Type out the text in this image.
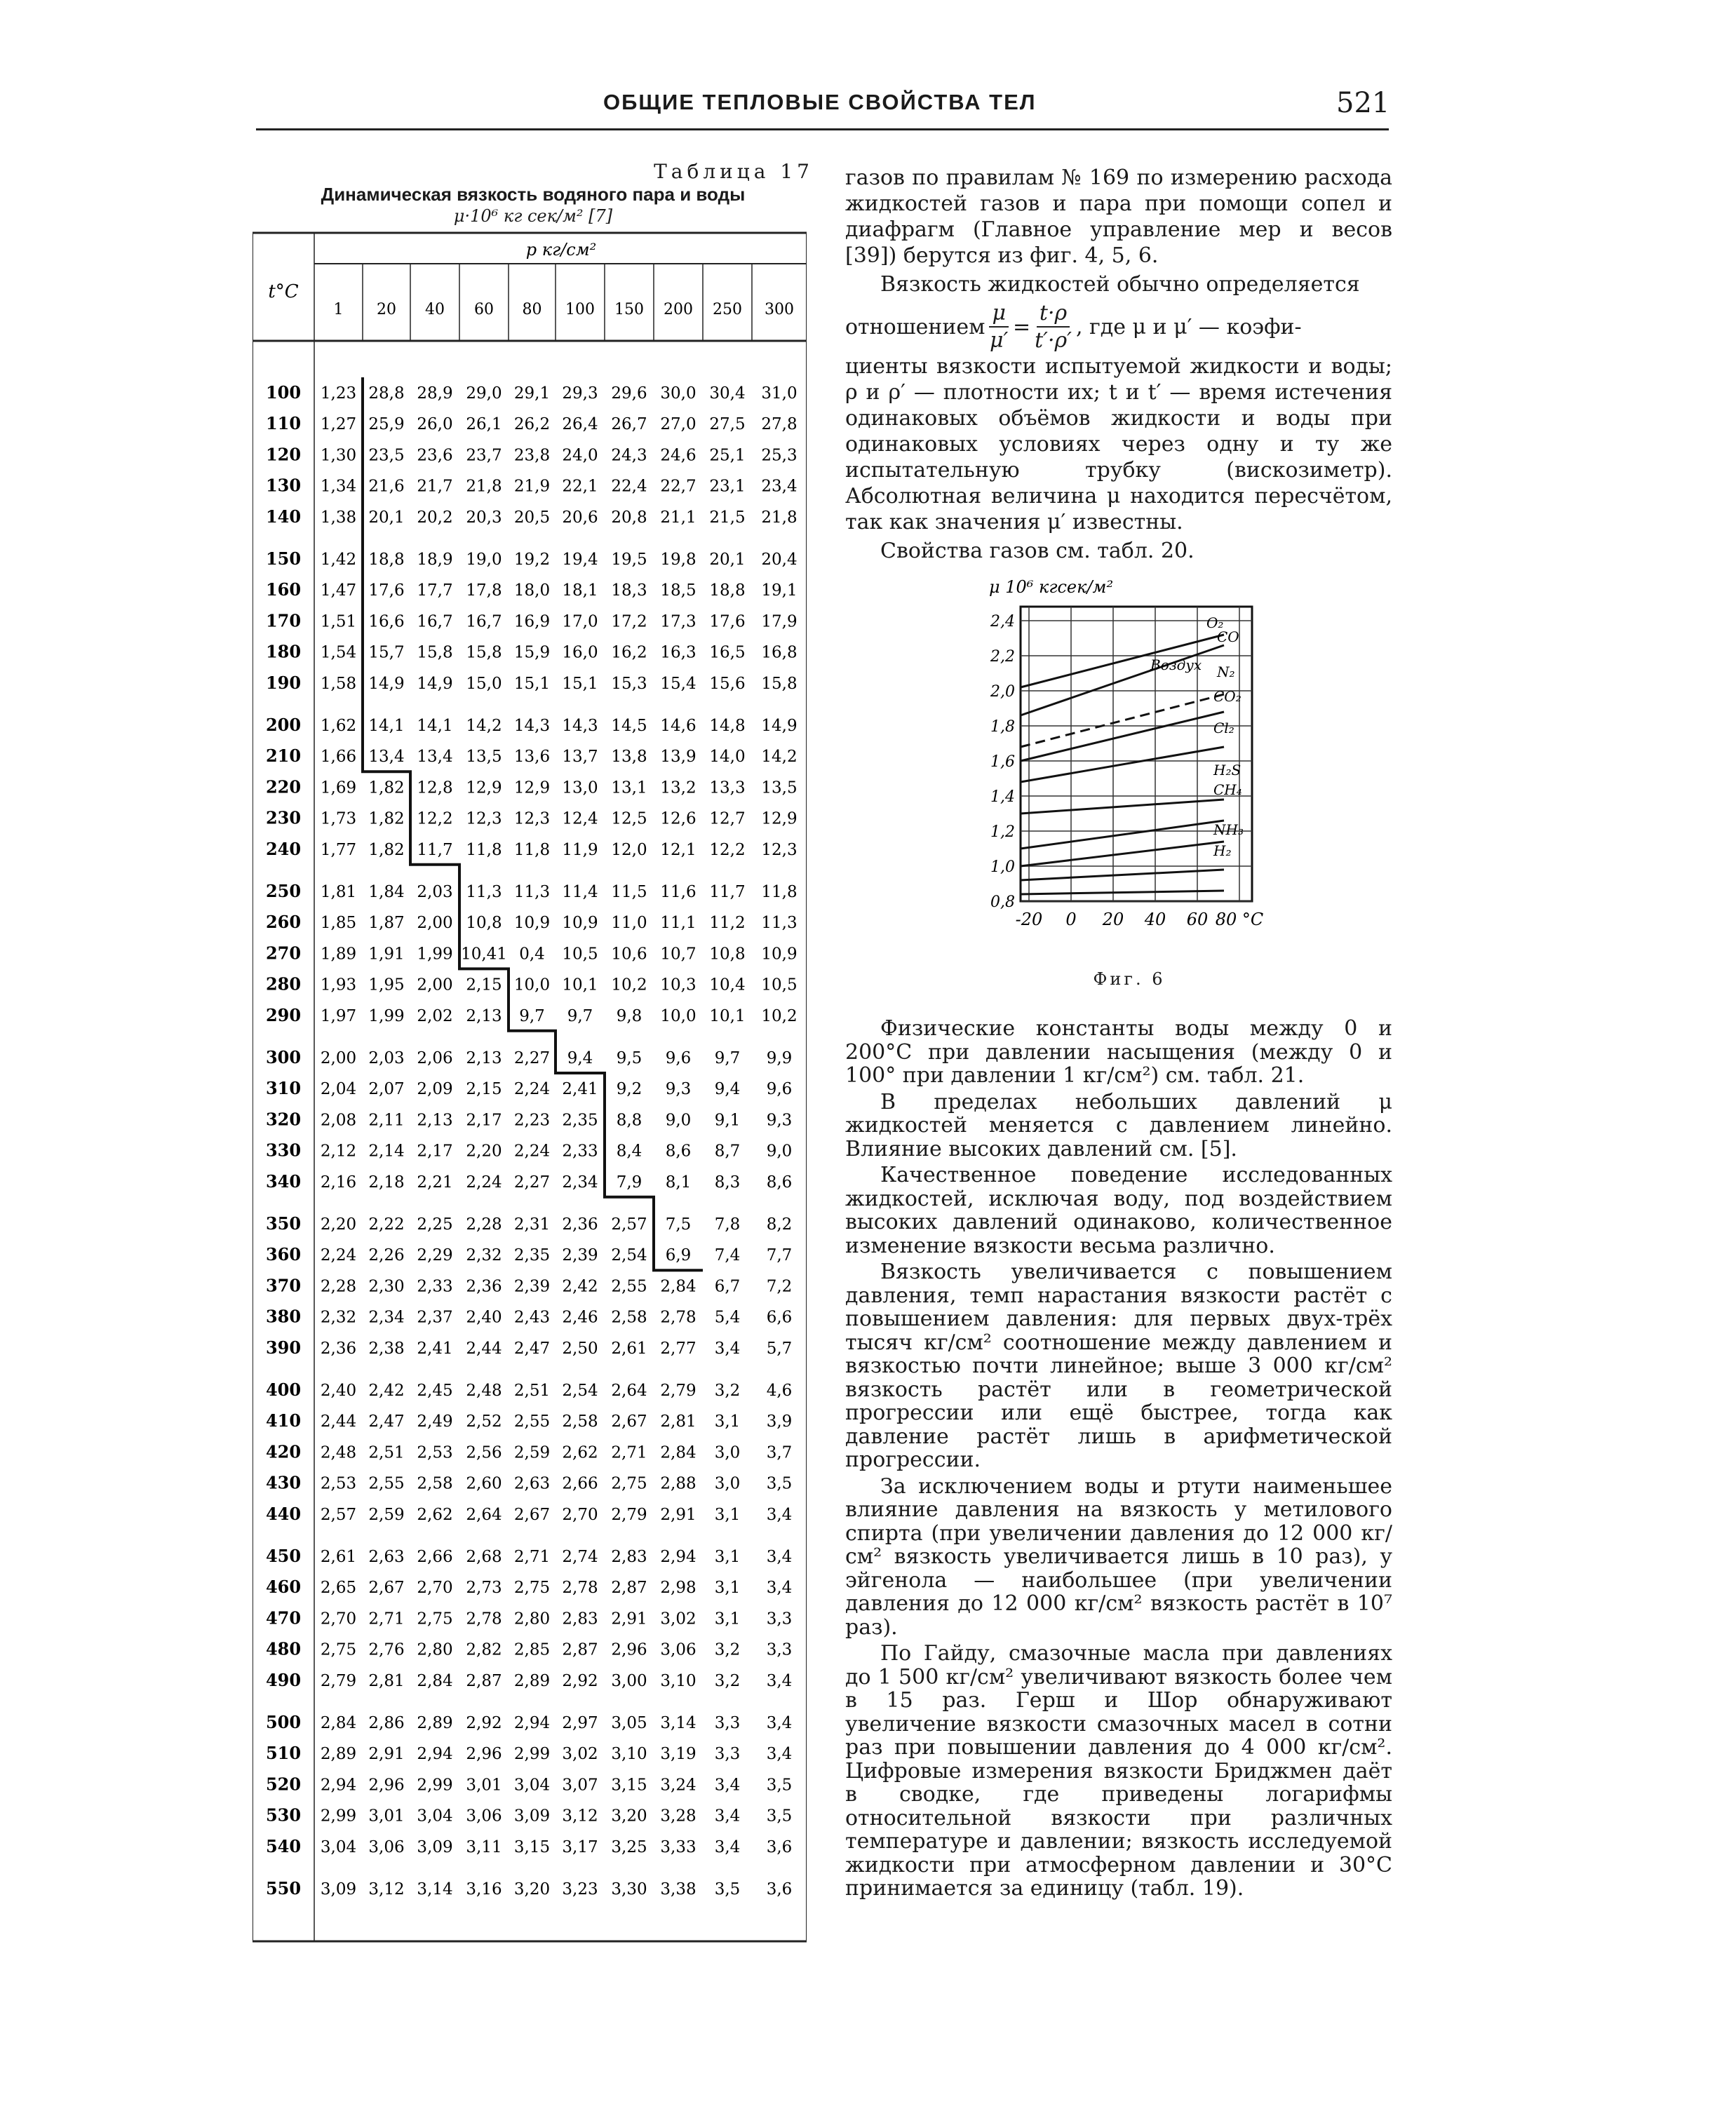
ОБЩИЕ ТЕПЛОВЫЕ СВОЙСТВА ТЕЛ	521
Таблица 17
Динамическая вязкость водяного пара и воды
μ·10⁶ кг сек/м² [7]
t°C
p кг/см²
1 20 40 60 80 100 150 200 250 300
100 1,23 28,8 28,9 29,0 29,1 29,3 29,6 30,0 30,4 31,0
110 1,27 25,9 26,0 26,1 26,2 26,4 26,7 27,0 27,5 27,8
120 1,30 23,5 23,6 23,7 23,8 24,0 24,3 24,6 25,1 25,3
130 1,34 21,6 21,7 21,8 21,9 22,1 22,4 22,7 23,1 23,4
140 1,38 20,1 20,2 20,3 20,5 20,6 20,8 21,1 21,5 21,8
150 1,42 18,8 18,9 19,0 19,2 19,4 19,5 19,8 20,1 20,4
160 1,47 17,6 17,7 17,8 18,0 18,1 18,3 18,5 18,8 19,1
170 1,51 16,6 16,7 16,7 16,9 17,0 17,2 17,3 17,6 17,9
180 1,54 15,7 15,8 15,8 15,9 16,0 16,2 16,3 16,5 16,8
190 1,58 14,9 14,9 15,0 15,1 15,1 15,3 15,4 15,6 15,8
200 1,62 14,1 14,1 14,2 14,3 14,3 14,5 14,6 14,8 14,9
210 1,66 13,4 13,4 13,5 13,6 13,7 13,8 13,9 14,0 14,2
220 1,69 1,82 12,8 12,9 12,9 13,0 13,1 13,2 13,3 13,5
230 1,73 1,82 12,2 12,3 12,3 12,4 12,5 12,6 12,7 12,9
240 1,77 1,82 11,7 11,8 11,8 11,9 12,0 12,1 12,2 12,3
250 1,81 1,84 2,03 11,3 11,3 11,4 11,5 11,6 11,7 11,8
260 1,85 1,87 2,00 10,8 10,9 10,9 11,0 11,1 11,2 11,3
270 1,89 1,91 1,99 10,41 0,4 10,5 10,6 10,7 10,8 10,9
280 1,93 1,95 2,00 2,15 10,0 10,1 10,2 10,3 10,4 10,5
290 1,97 1,99 2,02 2,13 9,7 9,7 9,8 10,0 10,1 10,2
300 2,00 2,03 2,06 2,13 2,27 9,4 9,5 9,6 9,7 9,9
310 2,04 2,07 2,09 2,15 2,24 2,41 9,2 9,3 9,4 9,6
320 2,08 2,11 2,13 2,17 2,23 2,35 8,8 9,0 9,1 9,3
330 2,12 2,14 2,17 2,20 2,24 2,33 8,4 8,6 8,7 9,0
340 2,16 2,18 2,21 2,24 2,27 2,34 7,9 8,1 8,3 8,6
350 2,20 2,22 2,25 2,28 2,31 2,36 2,57 7,5 7,8 8,2
360 2,24 2,26 2,29 2,32 2,35 2,39 2,54 6,9 7,4 7,7
370 2,28 2,30 2,33 2,36 2,39 2,42 2,55 2,84 6,7 7,2
380 2,32 2,34 2,37 2,40 2,43 2,46 2,58 2,78 5,4 6,6
390 2,36 2,38 2,41 2,44 2,47 2,50 2,61 2,77 3,4 5,7
400 2,40 2,42 2,45 2,48 2,51 2,54 2,64 2,79 3,2 4,6
410 2,44 2,47 2,49 2,52 2,55 2,58 2,67 2,81 3,1 3,9
420 2,48 2,51 2,53 2,56 2,59 2,62 2,71 2,84 3,0 3,7
430 2,53 2,55 2,58 2,60 2,63 2,66 2,75 2,88 3,0 3,5
440 2,57 2,59 2,62 2,64 2,67 2,70 2,79 2,91 3,1 3,4
450 2,61 2,63 2,66 2,68 2,71 2,74 2,83 2,94 3,1 3,4
460 2,65 2,67 2,70 2,73 2,75 2,78 2,87 2,98 3,1 3,4
470 2,70 2,71 2,75 2,78 2,80 2,83 2,91 3,02 3,1 3,3
480 2,75 2,76 2,80 2,82 2,85 2,87 2,96 3,06 3,2 3,3
490 2,79 2,81 2,84 2,87 2,89 2,92 3,00 3,10 3,2 3,4
500 2,84 2,86 2,89 2,92 2,94 2,97 3,05 3,14 3,3 3,4
510 2,89 2,91 2,94 2,96 2,99 3,02 3,10 3,19 3,3 3,4
520 2,94 2,96 2,99 3,01 3,04 3,07 3,15 3,24 3,4 3,5
530 2,99 3,01 3,04 3,06 3,09 3,12 3,20 3,28 3,4 3,5
540 3,04 3,06 3,09 3,11 3,15 3,17 3,25 3,33 3,4 3,6
550 3,09 3,12 3,14 3,16 3,20 3,23 3,30 3,38 3,5 3,6

газов по правилам № 169 по измерению расхода жидкостей газов и пара при помощи сопел и диафрагм (Главное управление мер и весов [39]) берутся из фиг. 4, 5, 6.

Вязкость жидкостей обычно определяется

отношением $\frac{\mu}{\mu'} = \frac{t\cdot\rho}{t'\cdot\rho'}$ , где μ и μ′ — коэфи-

циенты вязкости испытуемой жидкости и воды; ρ и ρ′ — плотности их; t и t′ — время истечения одинаковых объёмов жидкости и воды при одинаковых условиях через одну и ту же испытательную трубку (вискозиметр). Абсолютная величина μ находится пересчётом, так как значения μ′ известны.

Свойства газов см. табл. 20.

μ 10⁶ кгсек/м²
2,4
2,2
2,0
1,8
1,6
1,4
1,2
1,0
0,8
-20 0 20 40 60 80 °C
O₂
CO
Воздух N₂
CO₂
Cl₂
H₂S
CH₄
NH₃
H₂
Фиг. 6

Физические константы воды между 0 и 200°C при давлении насыщения (между 0 и 100° при давлении 1 кг/см²) см. табл. 21.

В пределах небольших давлений μ жидкостей меняется с давлением линейно. Влияние высоких давлений см. [5].

Качественное поведение исследованных жидкостей, исключая воду, под воздействием высоких давлений одинаково, количественное изменение вязкости весьма различно.

Вязкость увеличивается с повышением давления, темп нарастания вязкости растёт с повышением давления: для первых двух-трёх тысяч кг/см² соотношение между давлением и вязкостью почти линейное; выше 3 000 кг/см² вязкость растёт или в геометрической прогрессии или ещё быстрее, тогда как давление растёт лишь в арифметической прогрессии.

За исключением воды и ртути наименьшее влияние давления на вязкость у метилового спирта (при увеличении давления до 12 000 кг/см² вязкость увеличивается лишь в 10 раз), у эйгенола — наибольшее (при увеличении давления до 12 000 кг/см² вязкость растёт в 10⁷ раз).

По Гайду, смазочные масла при давлениях до 1 500 кг/см² увеличивают вязкость более чем в 15 раз. Герш и Шор обнаруживают увеличение вязкости смазочных масел в сотни раз при повышении давления до 4 000 кг/см². Цифровые измерения вязкости Бриджмен даёт в сводке, где приведены логарифмы относительной вязкости при различных температуре и давлении; вязкость исследуемой жидкости при атмосферном давлении и 30°C принимается за единицу (табл. 19).
